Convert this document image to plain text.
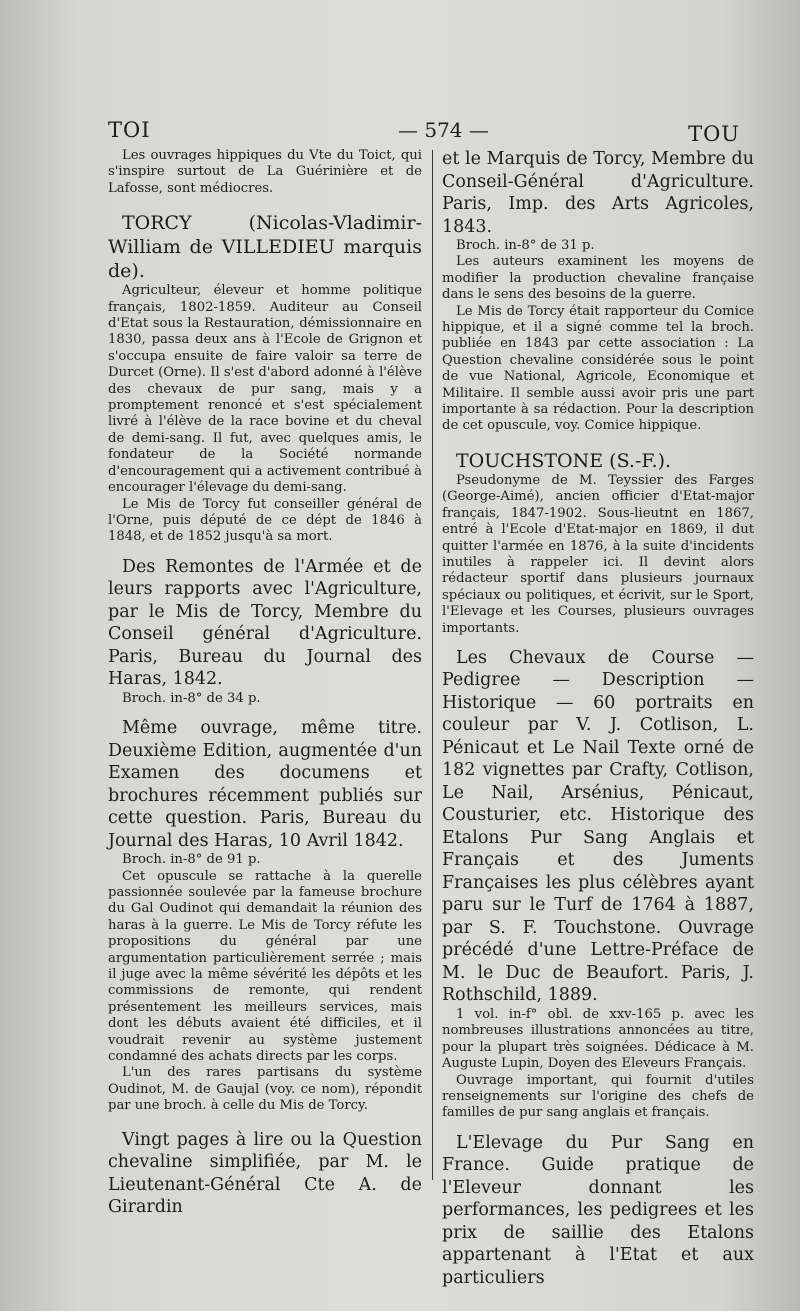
TOI	— 574 —	TOU

Les ouvrages hippiques du Vte du Toict, qui s'inspire surtout de La Guérinière et de Lafosse, sont médiocres.

TORCY (Nicolas-Vladimir-William de VILLEDIEU marquis de).

Agriculteur, éleveur et homme politique français, 1802-1859. Auditeur au Conseil d'Etat sous la Restauration, démissionnaire en 1830, passa deux ans à l'Ecole de Grignon et s'occupa ensuite de faire valoir sa terre de Durcet (Orne). Il s'est d'abord adonné à l'élève des chevaux de pur sang, mais y a promptement renoncé et s'est spécialement livré à l'élève de la race bovine et du cheval de demi-sang. Il fut, avec quelques amis, le fondateur de la Société normande d'encouragement qui a activement contribué à encourager l'élevage du demi-sang.

Le Mis de Torcy fut conseiller général de l'Orne, puis député de ce dépt de 1846 à 1848, et de 1852 jusqu'à sa mort.

Des Remontes de l'Armée et de leurs rapports avec l'Agriculture, par le Mis de Torcy, Membre du Conseil général d'Agriculture. Paris, Bureau du Journal des Haras, 1842.

Broch. in-8° de 34 p.

Même ouvrage, même titre. Deuxième Edition, augmentée d'un Examen des documens et brochures récemment publiés sur cette question. Paris, Bureau du Journal des Haras, 10 Avril 1842.

Broch. in-8° de 91 p.

Cet opuscule se rattache à la querelle passionnée soulevée par la fameuse brochure du Gal Oudinot qui demandait la réunion des haras à la guerre. Le Mis de Torcy réfute les propositions du général par une argumentation particulièrement serrée ; mais il juge avec la même sévérité les dépôts et les commissions de remonte, qui rendent présentement les meilleurs services, mais dont les débuts avaient été difficiles, et il voudrait revenir au système justement condamné des achats directs par les corps.

L'un des rares partisans du système Oudinot, M. de Gaujal (voy. ce nom), répondit par une broch. à celle du Mis de Torcy.

Vingt pages à lire ou la Question chevaline simplifiée, par M. le Lieutenant-Général Cte A. de Girardin

et le Marquis de Torcy, Membre du Conseil-Général d'Agriculture. Paris, Imp. des Arts Agricoles, 1843.

Broch. in-8° de 31 p.

Les auteurs examinent les moyens de modifier la production chevaline française dans le sens des besoins de la guerre.

Le Mis de Torcy était rapporteur du Comice hippique, et il a signé comme tel la broch. publiée en 1843 par cette association : La Question chevaline considérée sous le point de vue National, Agricole, Economique et Militaire. Il semble aussi avoir pris une part importante à sa rédaction. Pour la description de cet opuscule, voy. Comice hippique.

TOUCHSTONE (S.-F.).

Pseudonyme de M. Teyssier des Farges (George-Aimé), ancien officier d'Etat-major français, 1847-1902. Sous-lieutnt en 1867, entré à l'Ecole d'Etat-major en 1869, il dut quitter l'armée en 1876, à la suite d'incidents inutiles à rappeler ici. Il devint alors rédacteur sportif dans plusieurs journaux spéciaux ou politiques, et écrivit, sur le Sport, l'Elevage et les Courses, plusieurs ouvrages importants.

Les Chevaux de Course — Pedigree — Description — Historique — 60 portraits en couleur par V. J. Cotlison, L. Pénicaut et Le Nail Texte orné de 182 vignettes par Crafty, Cotlison, Le Nail, Arsénius, Pénicaut, Cousturier, etc. Historique des Etalons Pur Sang Anglais et Français et des Juments Françaises les plus célèbres ayant paru sur le Turf de 1764 à 1887, par S. F. Touchstone. Ouvrage précédé d'une Lettre-Préface de M. le Duc de Beaufort. Paris, J. Rothschild, 1889.

1 vol. in-f° obl. de xxv-165 p. avec les nombreuses illustrations annoncées au titre, pour la plupart très soignées. Dédicace à M. Auguste Lupin, Doyen des Eleveurs Français.

Ouvrage important, qui fournit d'utiles renseignements sur l'origine des chefs de familles de pur sang anglais et français.

L'Elevage du Pur Sang en France. Guide pratique de l'Eleveur donnant les performances, les pedigrees et les prix de saillie des Etalons appartenant à l'Etat et aux particuliers
